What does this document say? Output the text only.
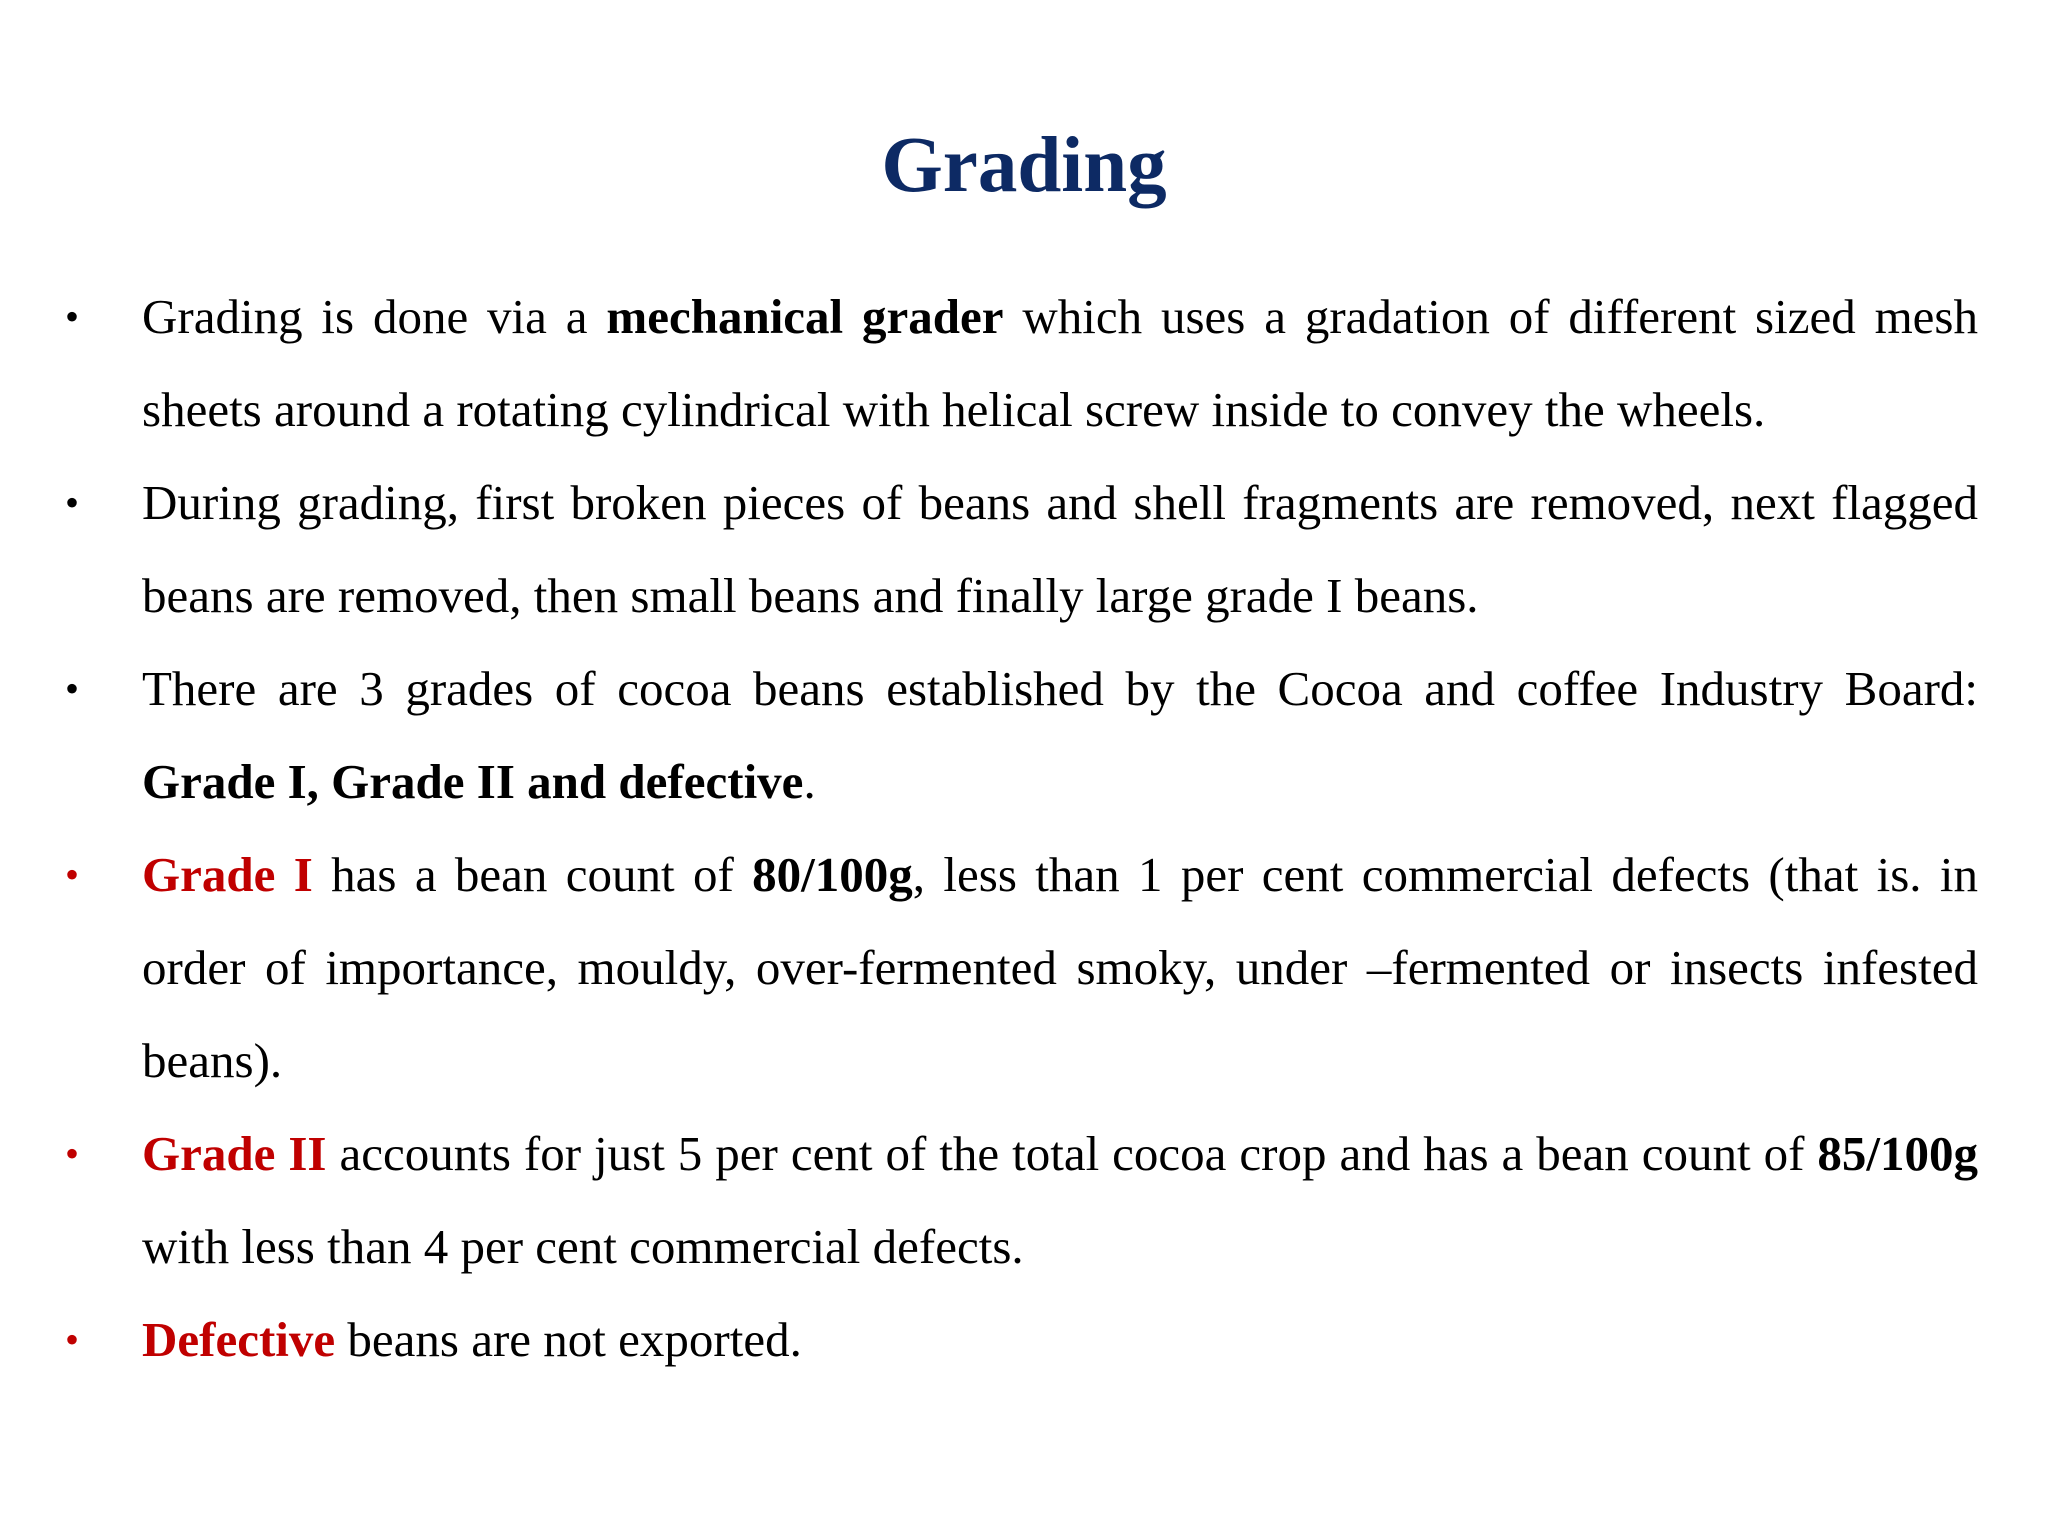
Grading
•	Grading is done via a mechanical grader which uses a gradation of different sized mesh sheets around a rotating cylindrical with helical screw inside to convey the wheels.
•	During grading, first broken pieces of beans and shell fragments are removed, next flagged beans are removed, then small beans and finally large grade I beans.
•	There are 3 grades of cocoa beans established by the Cocoa and coffee Industry Board: Grade I, Grade II and defective.
•	Grade I has a bean count of 80/100g, less than 1 per cent commercial defects (that is. in order of importance, mouldy, over-fermented smoky, under –fermented or insects infested beans).
•	Grade II accounts for just 5 per cent of the total cocoa crop and has a bean count of 85/100g with less than 4 per cent commercial defects.
•	Defective beans are not exported.
